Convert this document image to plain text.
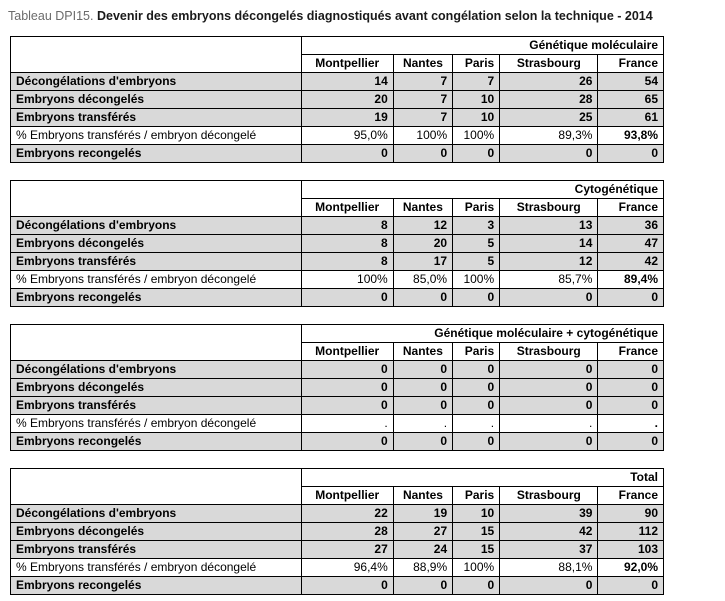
Tableau DPI15. Devenir des embryons décongelés diagnostiqués avant congélation selon la technique - 2014
	Génétique moléculaire				
	Montpellier	Nantes	Paris	Strasbourg	France
Décongélations d'embryons	14	7	7	26	54
Embryons décongelés	20	7	10	28	65
Embryons transférés	19	7	10	25	61
% Embryons transférés / embryon décongelé	95,0%	100%	100%	89,3%	93,8%
Embryons recongelés	0	0	0	0	0
	Cytogénétique				
	Montpellier	Nantes	Paris	Strasbourg	France
Décongélations d'embryons	8	12	3	13	36
Embryons décongelés	8	20	5	14	47
Embryons transférés	8	17	5	12	42
% Embryons transférés / embryon décongelé	100%	85,0%	100%	85,7%	89,4%
Embryons recongelés	0	0	0	0	0
	Génétique moléculaire + cytogénétique				
	Montpellier	Nantes	Paris	Strasbourg	France
Décongélations d'embryons	0	0	0	0	0
Embryons décongelés	0	0	0	0	0
Embryons transférés	0	0	0	0	0
% Embryons transférés / embryon décongelé	.	.	.	.	.
Embryons recongelés	0	0	0	0	0
	Total				
	Montpellier	Nantes	Paris	Strasbourg	France
Décongélations d'embryons	22	19	10	39	90
Embryons décongelés	28	27	15	42	112
Embryons transférés	27	24	15	37	103
% Embryons transférés / embryon décongelé	96,4%	88,9%	100%	88,1%	92,0%
Embryons recongelés	0	0	0	0	0
